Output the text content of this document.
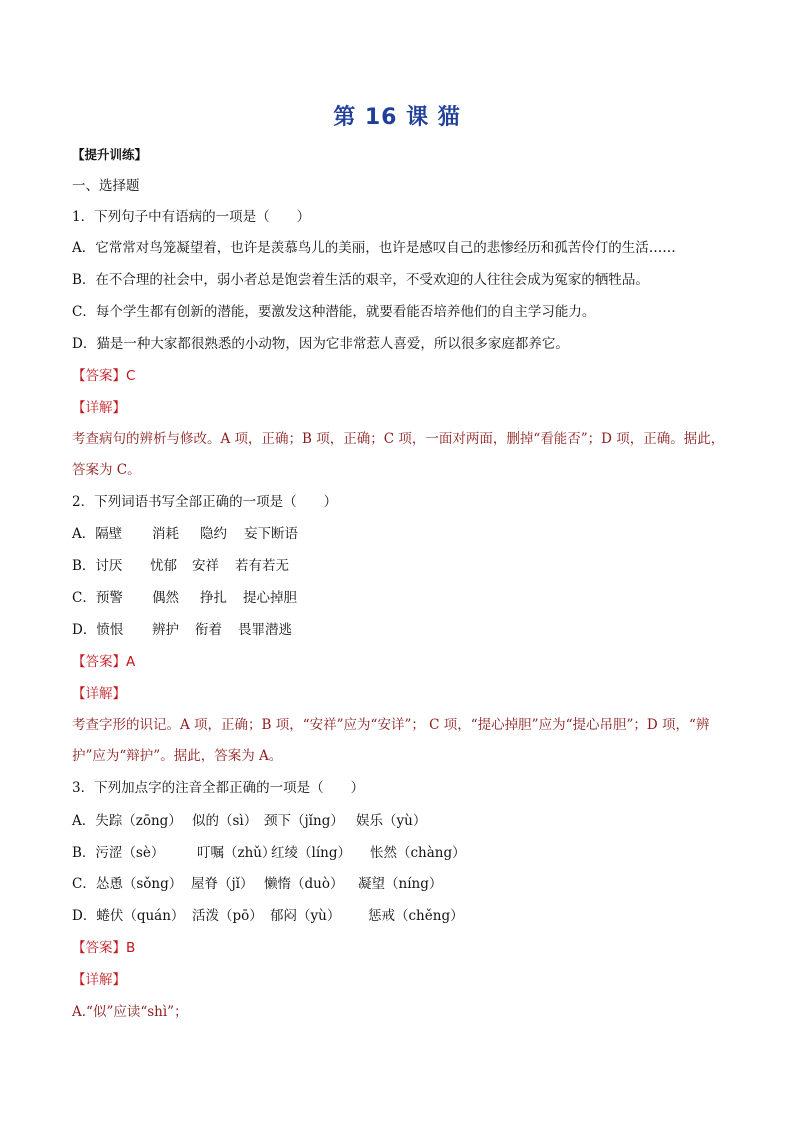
第 16 课 猫
【提升训练】
一、选择题
1．下列句子中有语病的一项是（　　）
A．它常常对鸟笼凝望着，也许是羡慕鸟儿的美丽，也许是感叹自己的悲惨经历和孤苦伶仃的生活……
B．在不合理的社会中，弱小者总是饱尝着生活的艰辛，不受欢迎的人往往会成为冤家的牺牲品。
C．每个学生都有创新的潜能，要激发这种潜能，就要看能否培养他们的自主学习能力。
D．猫是一种大家都很熟悉的小动物，因为它非常惹人喜爱，所以很多家庭都养它。
【答案】C
【详解】
考查病句的辨析与修改。A 项，正确；B 项，正确；C 项，一面对两面，删掉“看能否”；D 项，正确。据此，
答案为 C。
2．下列词语书写全部正确的一项是（　　）
A．隔壁 消耗 隐约 妄下断语
B．讨厌 忧郁 安祥 若有若无
C．预警 偶然 挣扎 提心掉胆
D．愤恨 辨护 衔着 畏罪潜逃
【答案】A
【详解】
考查字形的识记。A 项，正确；B 项，“安祥”应为“安详”； C 项，“提心掉胆”应为“提心吊胆”；D 项，“辨
护”应为“辩护”。据此，答案为 A。
3．下列加点字的注音全都正确的一项是（　　）
A．失踪（zōng） 似的（sì） 颈下（jǐng） 娱乐（yù）
B．污涩（sè） 叮嘱（zhǔ）红绫（líng） 怅然（chàng）
C．怂恿（sǒng） 屋脊（jǐ） 懒惰（duò） 凝望（níng）
D．蜷伏（quán） 活泼（pō） 郁闷（yù） 惩戒（chěng）
【答案】B
【详解】
A.“似”应读“shì”；
